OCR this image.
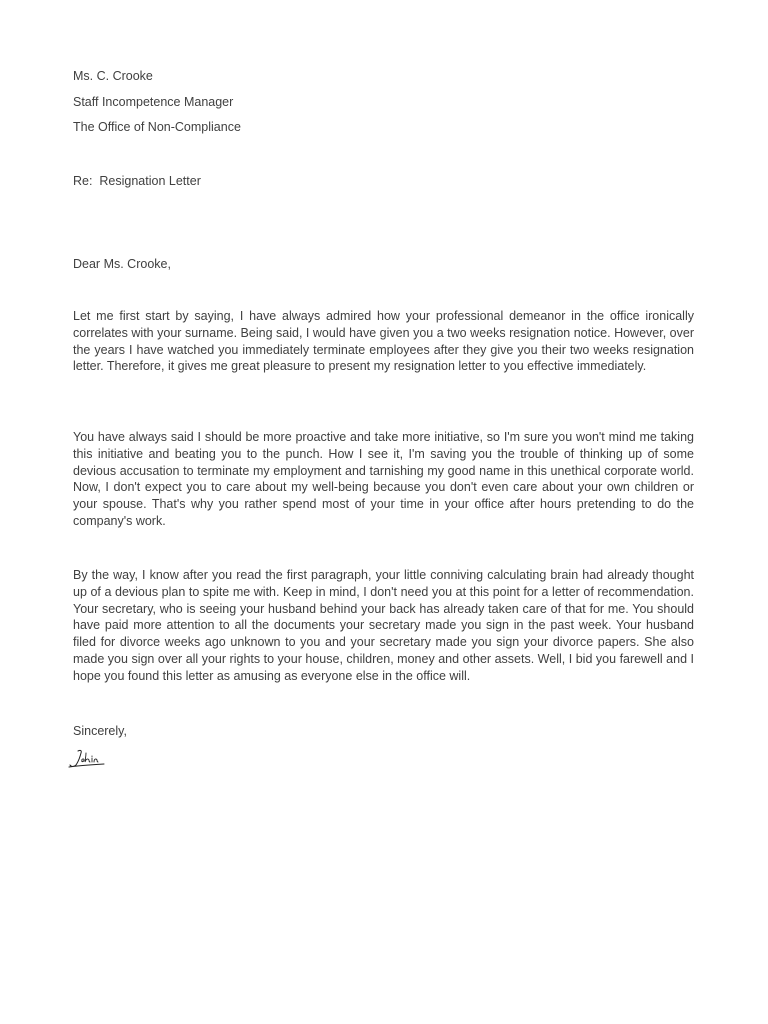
Ms. C. Crooke
Staff Incompetence Manager
The Office of Non-Compliance
Re:  Resignation Letter
Dear Ms. Crooke,

Let me first start by saying, I have always admired how your professional demeanor in the office ironically correlates with your surname. Being said, I would have given you a two weeks resignation notice. However, over the years I have watched you immediately terminate employees after they give you their two weeks resignation letter. Therefore, it gives me great pleasure to present my resignation letter to you effective immediately.

You have always said I should be more proactive and take more initiative, so I'm sure you won't mind me taking this initiative and beating you to the punch. How I see it, I'm saving you the trouble of thinking up of some devious accusation to terminate my employment and tarnishing my good name in this unethical corporate world. Now, I don't expect you to care about my well-being because you don't even care about your own children or your spouse. That's why you rather spend most of your time in your office after hours pretending to do the company's work.

By the way, I know after you read the first paragraph, your little conniving calculating brain had already thought up of a devious plan to spite me with. Keep in mind, I don't need you at this point for a letter of recommendation. Your secretary, who is seeing your husband behind your back has already taken care of that for me. You should have paid more attention to all the documents your secretary made you sign in the past week. Your husband filed for divorce weeks ago unknown to you and your secretary made you sign your divorce papers. She also made you sign over all your rights to your house, children, money and other assets. Well, I bid you farewell and I hope you found this letter as amusing as everyone else in the office will.

Sincerely,
